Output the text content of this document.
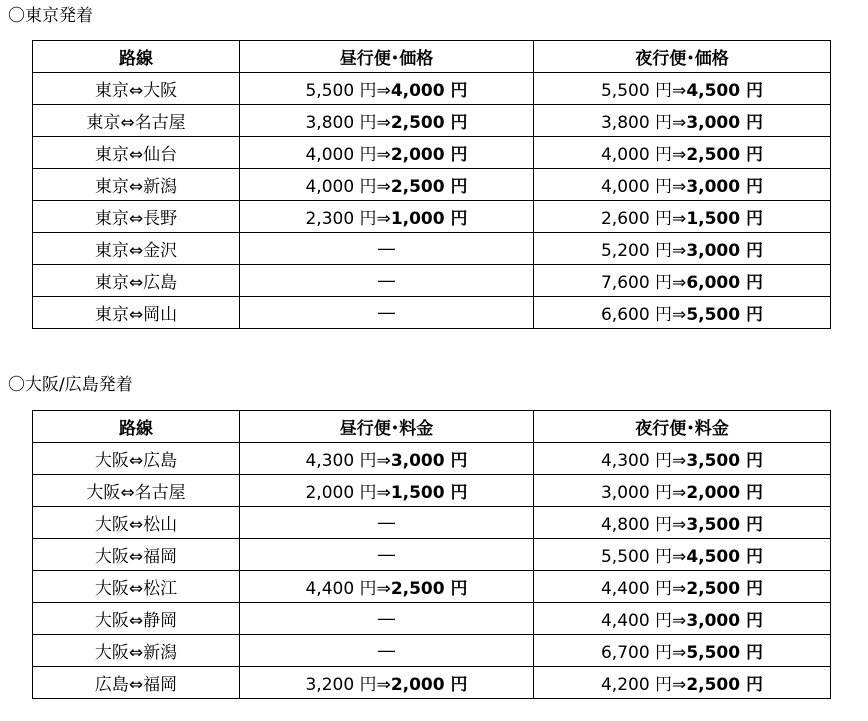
〇東京発着
路線	昼行便･価格	夜行便･価格
東京⇔大阪	5,500 円⇒4,000 円	5,500 円⇒4,500 円
東京⇔名古屋	3,800 円⇒2,500 円	3,800 円⇒3,000 円
東京⇔仙台	4,000 円⇒2,000 円	4,000 円⇒2,500 円
東京⇔新潟	4,000 円⇒2,500 円	4,000 円⇒3,000 円
東京⇔長野	2,300 円⇒1,000 円	2,600 円⇒1,500 円
東京⇔金沢	―	5,200 円⇒3,000 円
東京⇔広島	―	7,600 円⇒6,000 円
東京⇔岡山	―	6,600 円⇒5,500 円
〇大阪/広島発着
路線	昼行便･料金	夜行便･料金
大阪⇔広島	4,300 円⇒3,000 円	4,300 円⇒3,500 円
大阪⇔名古屋	2,000 円⇒1,500 円	3,000 円⇒2,000 円
大阪⇔松山	―	4,800 円⇒3,500 円
大阪⇔福岡	―	5,500 円⇒4,500 円
大阪⇔松江	4,400 円⇒2,500 円	4,400 円⇒2,500 円
大阪⇔静岡	―	4,400 円⇒3,000 円
大阪⇔新潟	―	6,700 円⇒5,500 円
広島⇔福岡	3,200 円⇒2,000 円	4,200 円⇒2,500 円
